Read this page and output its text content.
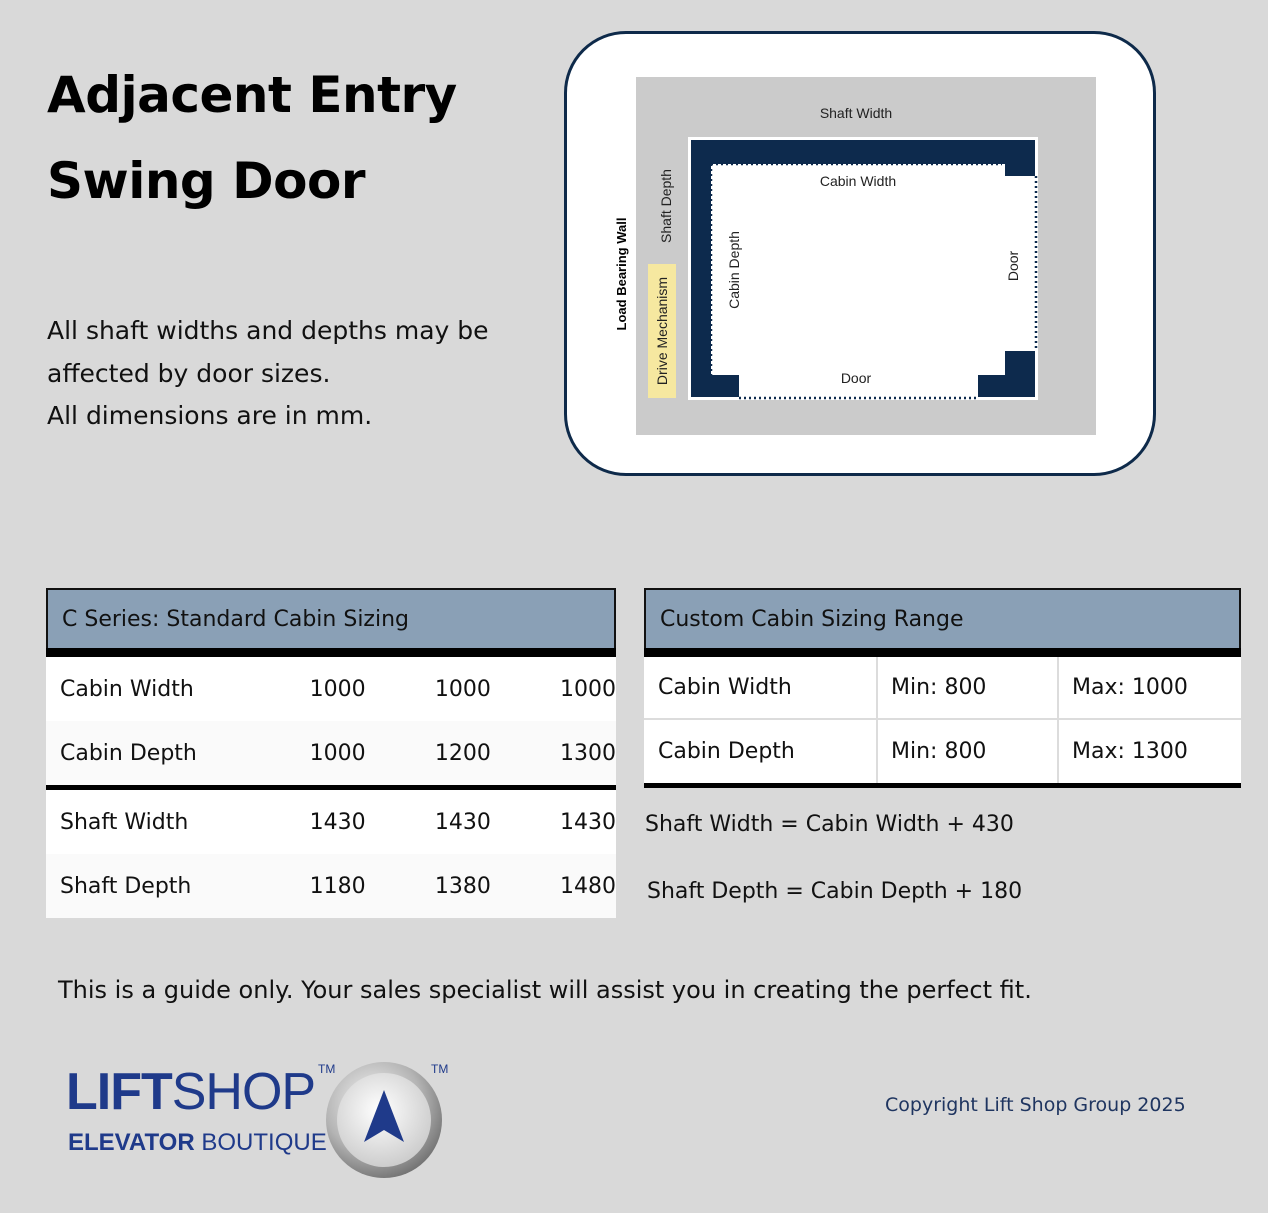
Adjacent Entry
Swing Door
All shaft widths and depths may be
affected by door sizes.
All dimensions are in mm.
Shaft Width
Cabin Width
Door
Shaft Depth
Cabin Depth
Drive Mechanism
Load Bearing Wall	Door
C Series: Standard Cabin Sizing
Cabin Width	1000	1000	1000
Cabin Depth	1000	1200	1300
Shaft Width	1430	1430	1430
Shaft Depth	1180	1380	1480
Custom Cabin Sizing Range
Cabin Width	Min: 800	Max: 1000
Cabin Depth	Min: 800	Max: 1300
Shaft Width = Cabin Width + 430
Shaft Depth = Cabin Depth + 180
This is a guide only. Your sales specialist will assist you in creating the perfect fit.
LIFTSHOP TM	TM
ELEVATOR BOUTIQUE
Copyright Lift Shop Group 2025
